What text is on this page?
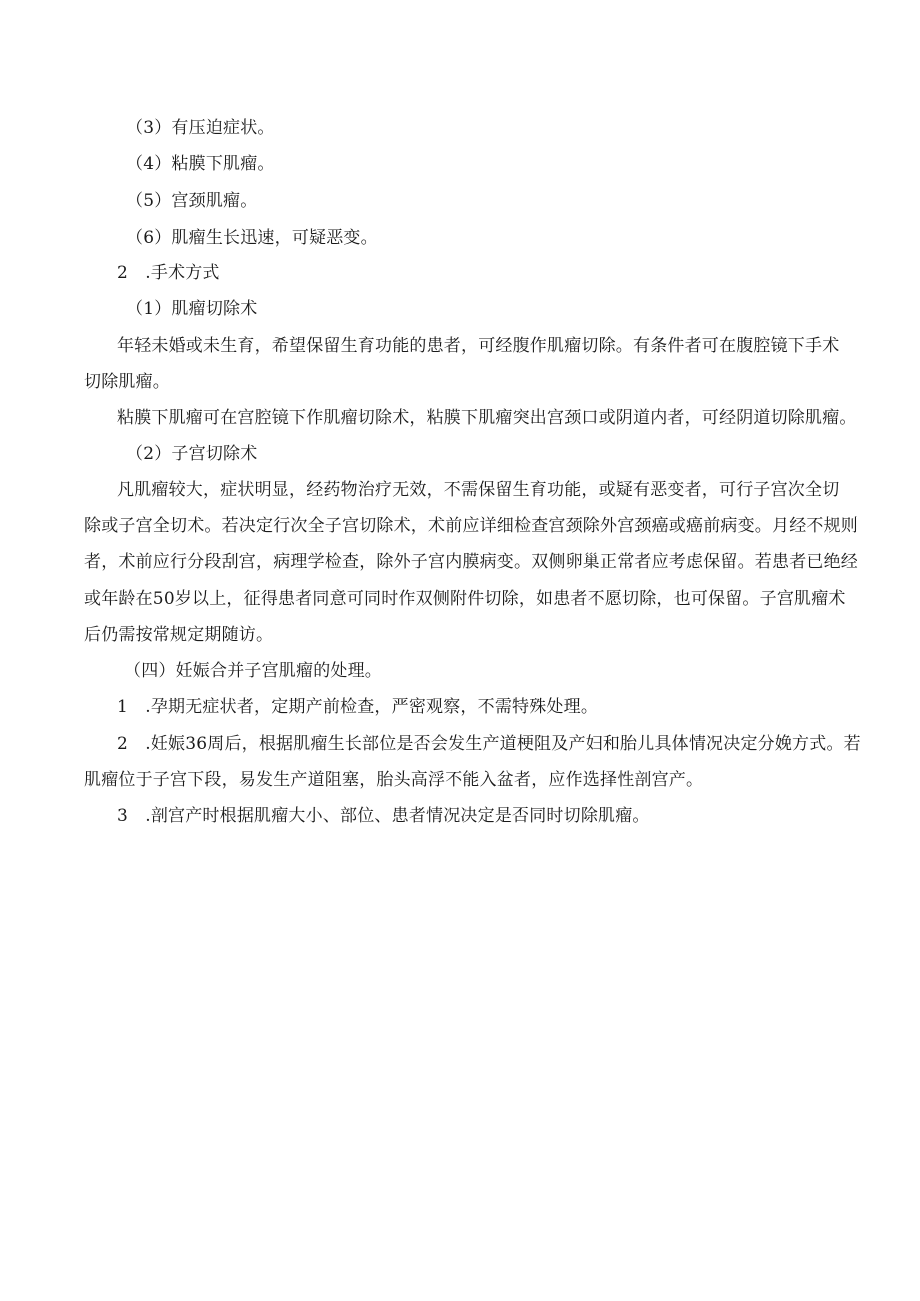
（3）有压迫症状。
（4）粘膜下肌瘤。
（5）宫颈肌瘤。
（6）肌瘤生长迅速，可疑恶变。
2　.手术方式
（1）肌瘤切除术
年轻未婚或未生育，希望保留生育功能的患者，可经腹作肌瘤切除。有条件者可在腹腔镜下手术
切除肌瘤。
粘膜下肌瘤可在宫腔镜下作肌瘤切除术，粘膜下肌瘤突出宫颈口或阴道内者，可经阴道切除肌瘤。
（2）子宫切除术
凡肌瘤较大，症状明显，经药物治疗无效，不需保留生育功能，或疑有恶变者，可行子宫次全切
除或子宫全切术。若决定行次全子宫切除术，术前应详细检查宫颈除外宫颈癌或癌前病变。月经不规则
者，术前应行分段刮宫，病理学检查，除外子宫内膜病变。双侧卵巢正常者应考虑保留。若患者已绝经
或年龄在50岁以上，征得患者同意可同时作双侧附件切除，如患者不愿切除，也可保留。子宫肌瘤术
后仍需按常规定期随访。
（四）妊娠合并子宫肌瘤的处理。
1　.孕期无症状者，定期产前检查，严密观察，不需特殊处理。
2　.妊娠36周后，根据肌瘤生长部位是否会发生产道梗阻及产妇和胎儿具体情况决定分娩方式。若
肌瘤位于子宫下段，易发生产道阻塞，胎头高浮不能入盆者，应作选择性剖宫产。
3　.剖宫产时根据肌瘤大小、部位、患者情况决定是否同时切除肌瘤。
